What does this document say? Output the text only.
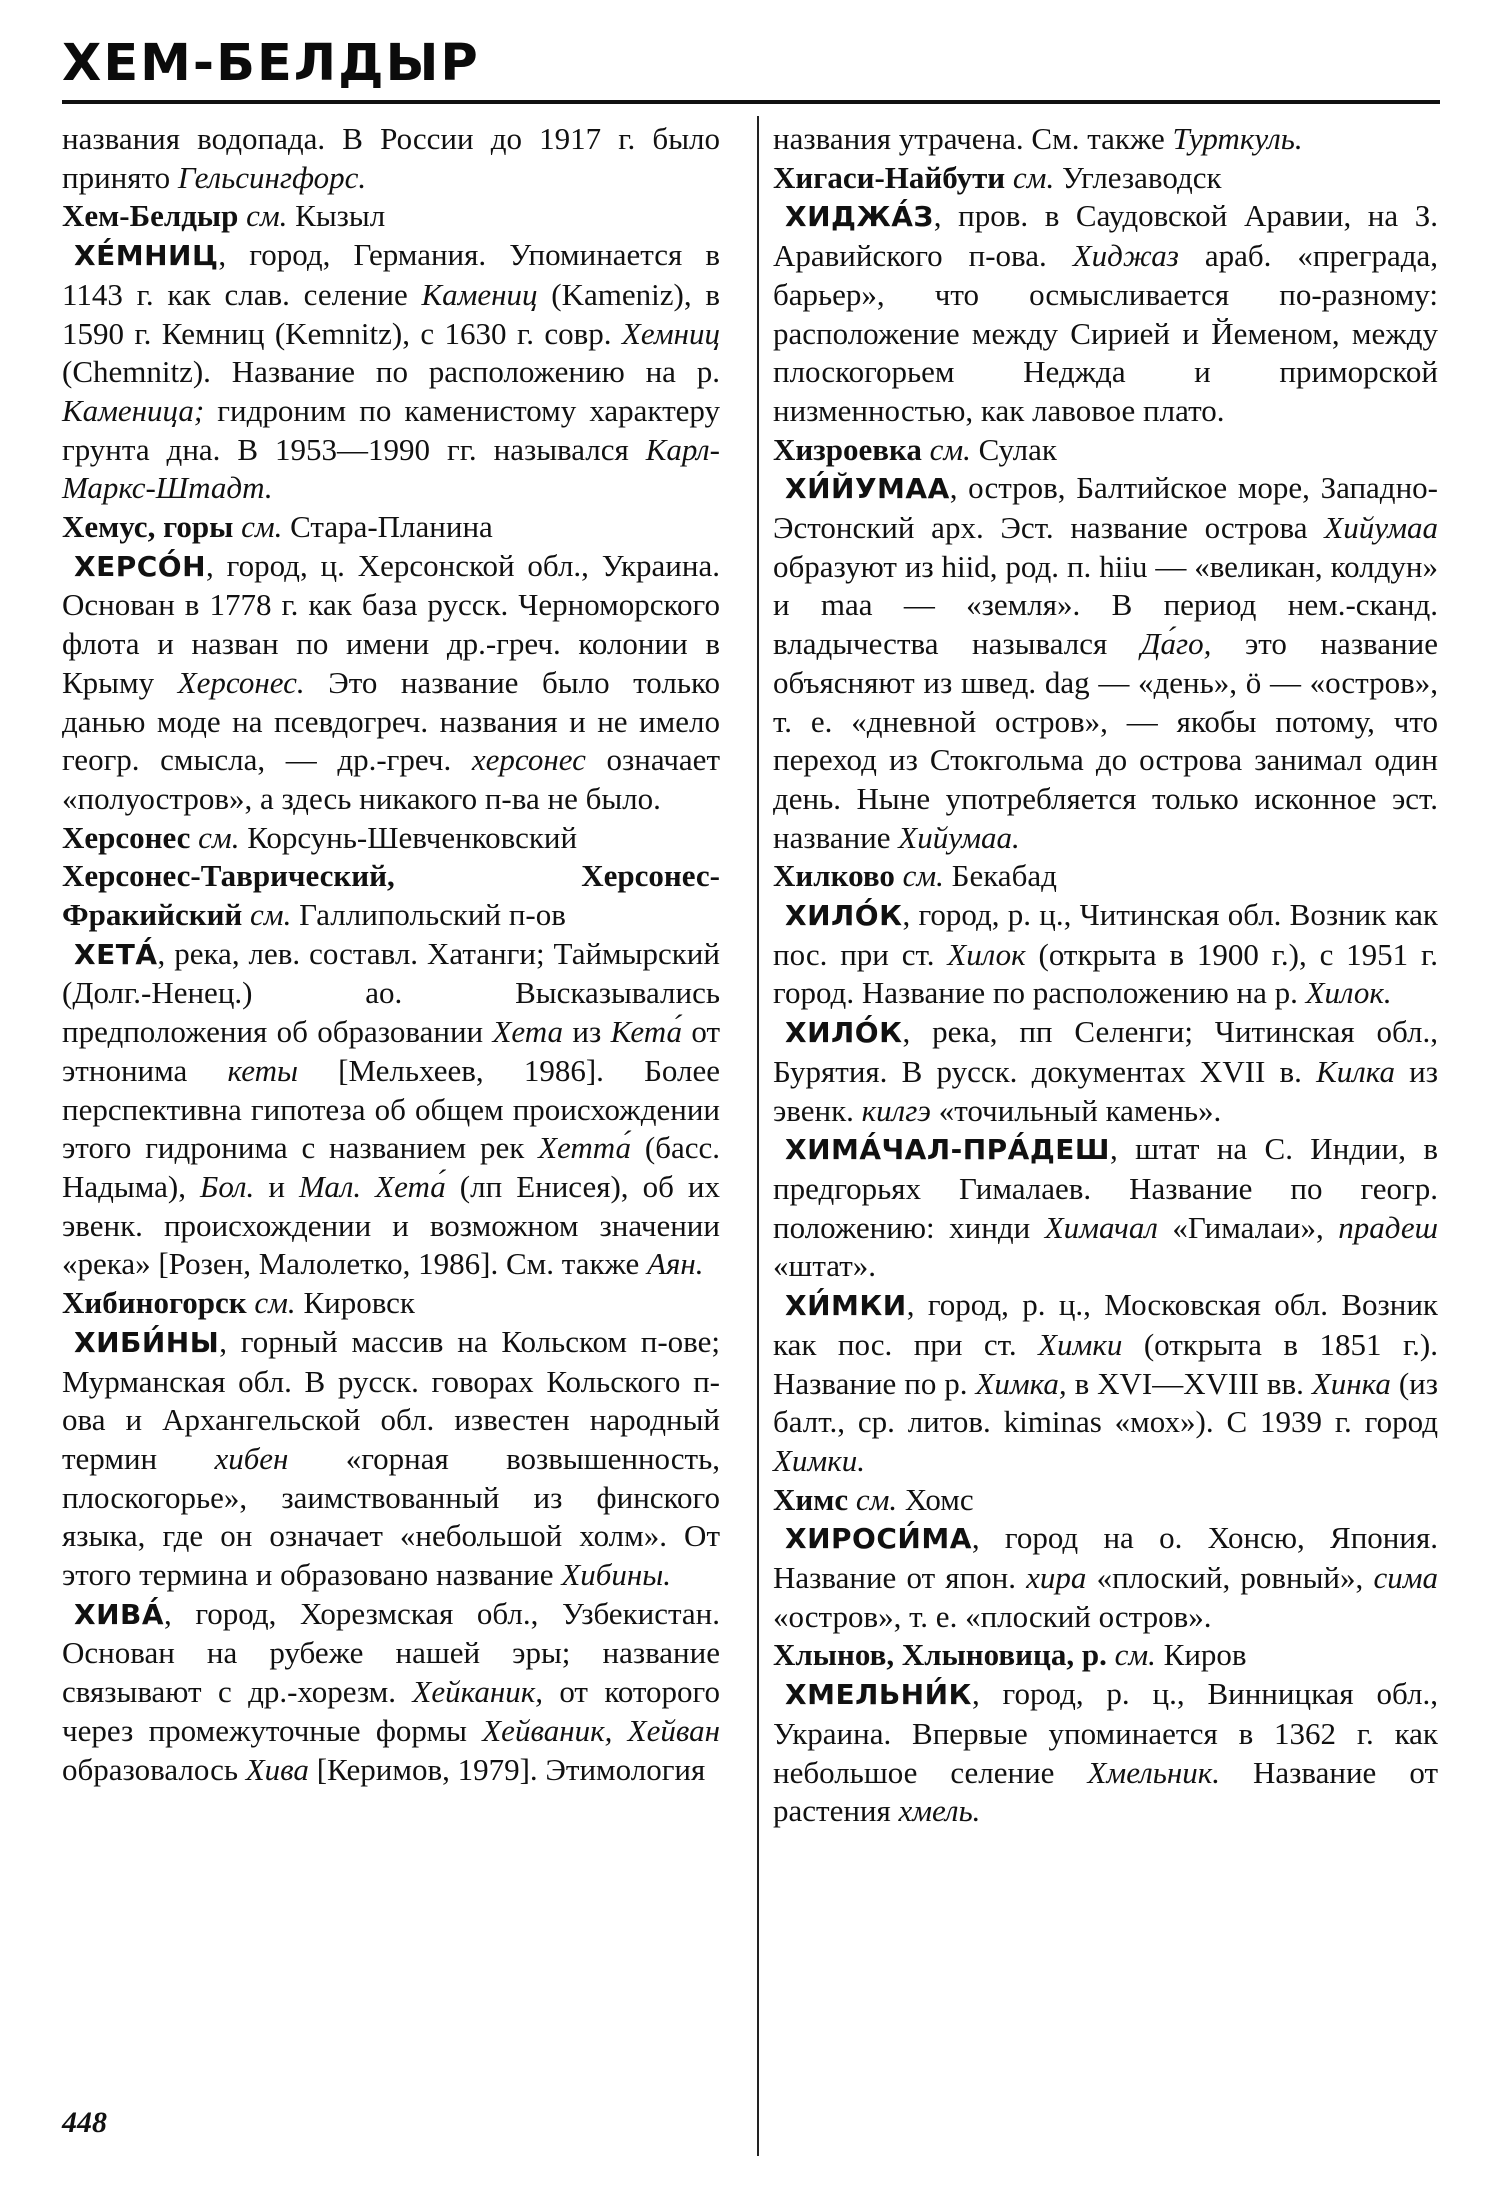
ХЕМ-БЕЛДЫР

названия водопада. В России до 1917 г. было принято Гельсингфорс.

Хем-Белдыр см. Кызыл

ХЕ́МНИЦ, город, Германия. Упоминается в 1143 г. как слав. селение Камениц (Kameniz), в 1590 г. Кемниц (Kemnitz), с 1630 г. совр. Хемниц (Chemnitz). Название по расположению на р. Каменица; гидроним по каменистому характеру грунта дна. В 1953—1990 гг. назывался Карл-Маркс-Штадт.

Хемус, горы см. Стара-Планина

ХЕРСО́Н, город, ц. Херсонской обл., Украина. Основан в 1778 г. как база русск. Черноморского флота и назван по имени др.-греч. колонии в Крыму Херсонес. Это название было только данью моде на псевдогреч. названия и не имело геогр. смысла, — др.-греч. херсонес означает «полуостров», а здесь никакого п-ва не было.

Херсонес см. Корсунь-Шевченковский

Херсонес-Таврический, Херсонес-Фракийский см. Галлипольский п-ов

ХЕТА́, река, лев. составл. Хатанги; Таймырский (Долг.-Ненец.) ао. Высказывались предположения об образовании Хета из Кета́ от этнонима кеты [Мельхеев, 1986]. Более перспективна гипотеза об общем происхождении этого гидронима с названием рек Хетта́ (басс. Надыма), Бол. и Мал. Хета́ (лп Енисея), об их эвенк. происхождении и возможном значении «река» [Розен, Малолетко, 1986]. См. также Аян.

Хибиногорск см. Кировск

ХИБИ́НЫ, горный массив на Кольском п-ове; Мурманская обл. В русск. говорах Кольского п-ова и Архангельской обл. известен народный термин хибен «горная возвышенность, плоскогорье», заимствованный из финского языка, где он означает «небольшой холм». От этого термина и образовано название Хибины.

ХИВА́, город, Хорезмская обл., Узбекистан. Основан на рубеже нашей эры; название связывают с др.-хорезм. Хейканик, от которого через промежуточные формы Хейваник, Хейван образовалось Хива [Керимов, 1979]. Этимология

названия утрачена. См. также Турткуль.

Хигаси-Найбути см. Углезаводск

ХИДЖА́З, пров. в Саудовской Аравии, на З. Аравийского п-ова. Хиджаз араб. «преграда, барьер», что осмысливается по-разному: расположение между Сирией и Йеменом, между плоскогорьем Неджда и приморской низменностью, как лавовое плато.

Хизроевка см. Сулак

ХИ́ЙУМАА, остров, Балтийское море, Западно-Эстонский арх. Эст. название острова Хийумаа образуют из hiid, род. п. hiiu — «великан, колдун» и maa — «земля». В период нем.-сканд. владычества назывался Да́го, это название объясняют из швед. dag — «день», ö — «остров», т. е. «дневной остров», — якобы потому, что переход из Стокгольма до острова занимал один день. Ныне употребляется только исконное эст. название Хийумаа.

Хилково см. Бекабад

ХИЛО́К, город, р. ц., Читинская обл. Возник как пос. при ст. Хилок (открыта в 1900 г.), с 1951 г. город. Название по расположению на р. Хилок.

ХИЛО́К, река, пп Селенги; Читинская обл., Бурятия. В русск. документах XVII в. Килка из эвенк. килгэ «точильный камень».

ХИМА́ЧАЛ-ПРА́ДЕШ, штат на С. Индии, в предгорьях Гималаев. Название по геогр. положению: хинди Химачал «Гималаи», прадеш «штат».

ХИ́МКИ, город, р. ц., Московская обл. Возник как пос. при ст. Химки (открыта в 1851 г.). Название по р. Химка, в XVI—XVIII вв. Хинка (из балт., ср. литов. kiminas «мох»). С 1939 г. город Химки.

Химс см. Хомс

ХИРОСИ́МА, город на о. Хонсю, Япония. Название от япон. хира «плоский, ровный», сима «остров», т. е. «плоский остров».

Хлынов, Хлыновица, р. см. Киров

ХМЕЛЬНИ́К, город, р. ц., Винницкая обл., Украина. Впервые упоминается в 1362 г. как небольшое селение Хмельник. Название от растения хмель.

448
